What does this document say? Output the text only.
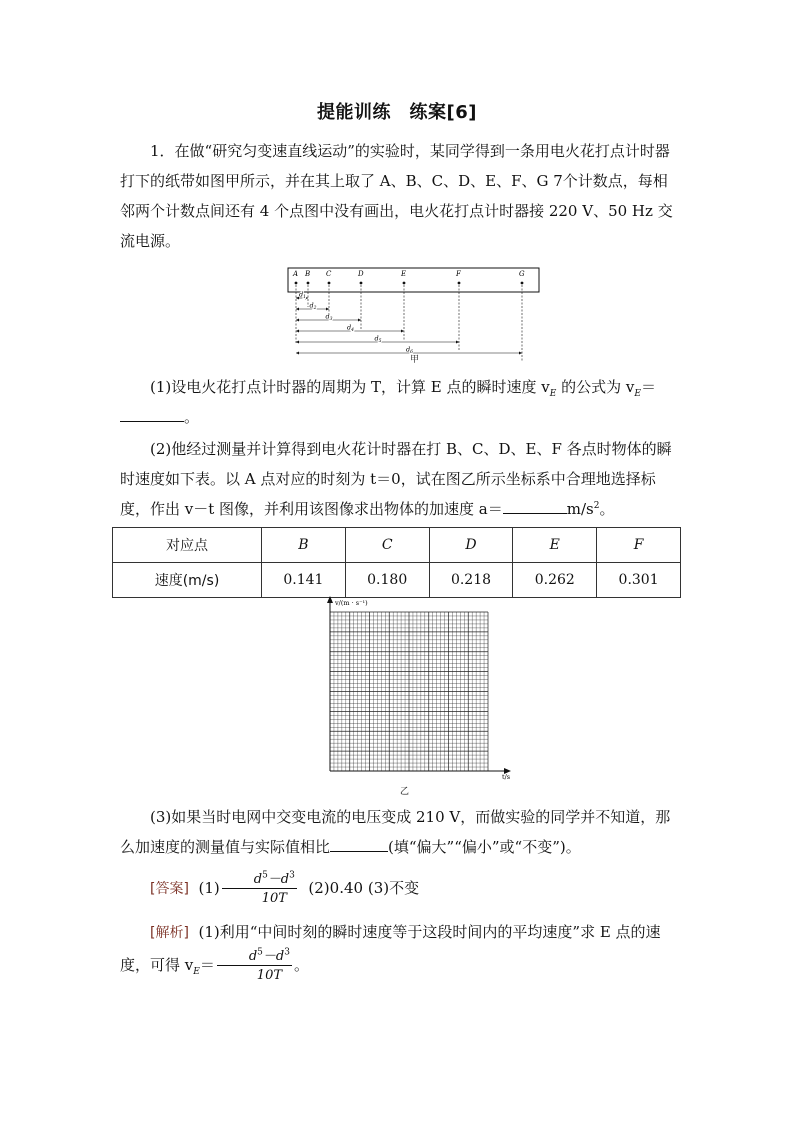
提能训练　练案[6]

1．在做“研究匀变速直线运动”的实验时，某同学得到一条用电火花打点计时器打下的纸带如图甲所示，并在其上取了 A、B、C、D、E、F、G 7个计数点，每相邻两个计数点间还有 4 个点图中没有画出，电火花打点计时器接 220 V、50 Hz 交流电源。

A B C	D	E	F	G
$d_1$
$d_2$
$d_3$
$d_4$
$d_5$
$d_6$
甲

(1)设电火花打点计时器的周期为 T，计算 E 点的瞬时速度 $v_E$ 的公式为 $v_E=$
。

(2)他经过测量并计算得到电火花计时器在打 B、C、D、E、F 各点时物体的瞬时速度如下表。以 A 点对应的时刻为 t＝0，试在图乙所示坐标系中合理地选择标度，作出 v－t 图像，并利用该图像求出物体的加速度 a＝	$m/s^2$。

对应点	B	C	D	E	F
速度(m/s)	0.141	0.180	0.218	0.262	0.301
v/(m · s⁻¹)
t/s
乙

(3)如果当时电网中交变电流的电压变成 210 V，而做实验的同学并不知道，那么加速度的测量值与实际值相比	(填“偏大”“偏小”或“不变”)。

[答案] $(1) \frac{d^5-d^3}{10T} (2)0.40$ (3)不变
[解析] (1)利用“中间时刻的瞬时速度等于这段时间内的平均速度”求 E 点的速度，可得 $v_E= \frac{d^5-d^3}{10T}$ 。
